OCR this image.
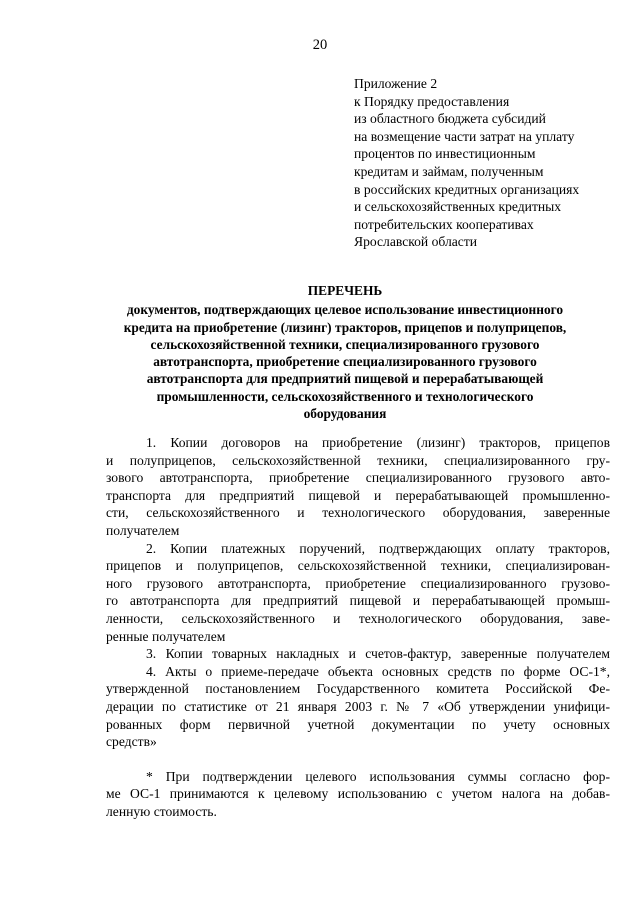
20
Приложение 2
к Порядку предоставления
из областного бюджета субсидий
на возмещение части затрат на уплату
процентов по инвестиционным
кредитам и займам, полученным
в российских кредитных организациях
и сельскохозяйственных кредитных
потребительских кооперативах
Ярославской области
ПЕРЕЧЕНЬ
документов, подтверждающих целевое использование инвестиционного
кредита на приобретение (лизинг) тракторов, прицепов и полуприцепов,
сельскохозяйственной техники, специализированного грузового
автотранспорта, приобретение специализированного грузового
автотранспорта для предприятий пищевой и перерабатывающей
промышленности, сельскохозяйственного и технологического
оборудования

1. Копии договоров на приобретение (лизинг) тракторов, прицепов
и полуприцепов, сельскохозяйственной техники, специализированного гру-
зового автотранспорта, приобретение специализированного грузового авто-
транспорта для предприятий пищевой и перерабатывающей промышленно-
сти, сельскохозяйственного и технологического оборудования, заверенные
получателем

2. Копии платежных поручений, подтверждающих оплату тракторов,
прицепов и полуприцепов, сельскохозяйственной техники, специализирован-
ного грузового автотранспорта, приобретение специализированного грузово-
го автотранспорта для предприятий пищевой и перерабатывающей промыш-
ленности, сельскохозяйственного и технологического оборудования, заве-
ренные получателем

3. Копии товарных накладных и счетов-фактур, заверенные получателем

4. Акты о приеме-передаче объекта основных средств по форме ОС-1*,
утвержденной постановлением Государственного комитета Российской Фе-
дерации по статистике от 21 января 2003 г. № 7 «Об утверждении унифици-
рованных форм первичной учетной документации по учету основных
средств»

* При подтверждении целевого использования суммы согласно фор-
ме ОС-1 принимаются к целевому использованию с учетом налога на добав-
ленную стоимость.
